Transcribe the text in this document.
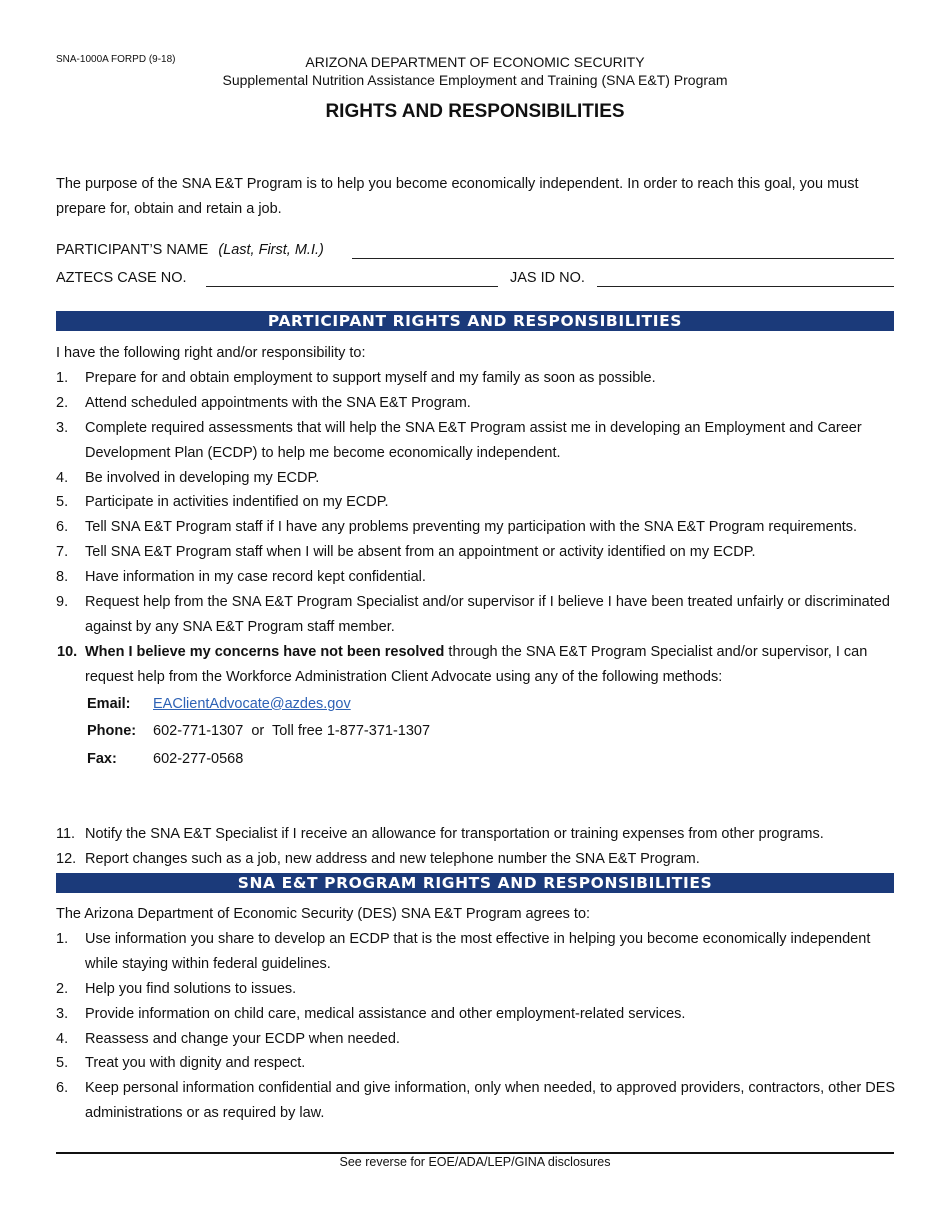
SNA-1000A FORPD (9-18)	ARIZONA DEPARTMENT OF ECONOMIC SECURITY
Supplemental Nutrition Assistance Employment and Training (SNA E&T) Program
RIGHTS AND RESPONSIBILITIES
The purpose of the SNA E&T Program is to help you become economically independent. In order to reach this goal, you must prepare for, obtain and retain a job.
PARTICIPANT’S NAME (Last, First, M.I.)
AZTECS CASE NO.	JAS ID NO.
PARTICIPANT RIGHTS AND RESPONSIBILITIES

I have the following right and/or responsibility to:

1. Prepare for and obtain employment to support myself and my family as soon as possible.
2. Attend scheduled appointments with the SNA E&T Program.
3. Complete required assessments that will help the SNA E&T Program assist me in developing an Employment and Career Development Plan (ECDP) to help me become economically independent.
4. Be involved in developing my ECDP.
5. Participate in activities indentified on my ECDP.
6. Tell SNA E&T Program staff if I have any problems preventing my participation with the SNA E&T Program requirements.
7. Tell SNA E&T Program staff when I will be absent from an appointment or activity identified on my ECDP.
8. Have information in my case record kept confidential.
9. Request help from the SNA E&T Program Specialist and/or supervisor if I believe I have been treated unfairly or discriminated against by any SNA E&T Program staff member.
10. When I believe my concerns have not been resolved through the SNA E&T Program Specialist and/or supervisor, I can request help from the Workforce Administration Client Advocate using any of the following methods:
Email: EAClientAdvocate@azdes.gov
Phone: 602-771-1307  or  Toll free 1-877-371-1307
Fax: 602-277-0568
11. Notify the SNA E&T Specialist if I receive an allowance for transportation or training expenses from other programs.
12. Report changes such as a job, new address and new telephone number the SNA E&T Program.
SNA E&T PROGRAM RIGHTS AND RESPONSIBILITIES

The Arizona Department of Economic Security (DES) SNA E&T Program agrees to:

1. Use information you share to develop an ECDP that is the most effective in helping you become economically independent while staying within federal guidelines.
2. Help you find solutions to issues.
3. Provide information on child care, medical assistance and other employment-related services.
4. Reassess and change your ECDP when needed.
5. Treat you with dignity and respect.
6. Keep personal information confidential and give information, only when needed, to approved providers, contractors, other DES administrations or as required by law.
See reverse for EOE/ADA/LEP/GINA disclosures
